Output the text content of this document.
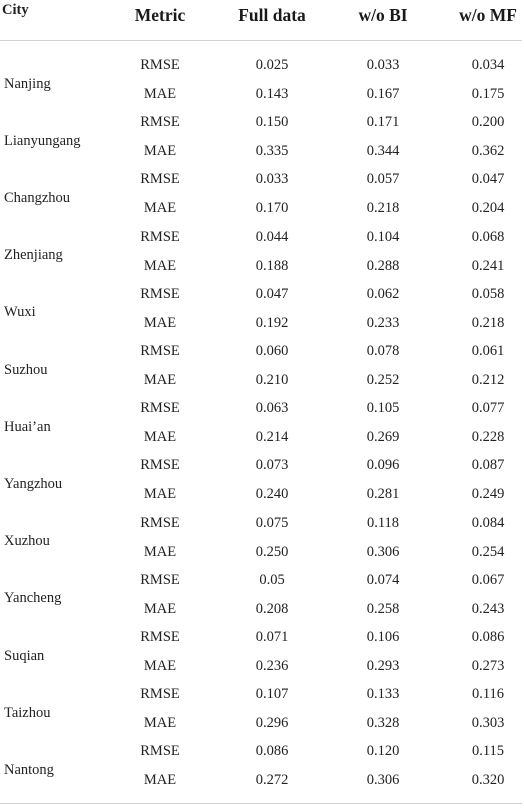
City	Metric	Full data	w/o BI	w/o MF
Nanjing
RMSE	0.025	0.033	0.034
MAE	0.143	0.167	0.175
Lianyungang
RMSE	0.150	0.171	0.200
MAE	0.335	0.344	0.362
Changzhou
RMSE	0.033	0.057	0.047
MAE	0.170	0.218	0.204
Zhenjiang
RMSE	0.044	0.104	0.068
MAE	0.188	0.288	0.241
Wuxi
RMSE	0.047	0.062	0.058
MAE	0.192	0.233	0.218
Suzhou
RMSE	0.060	0.078	0.061
MAE	0.210	0.252	0.212
Huai’an
RMSE	0.063	0.105	0.077
MAE	0.214	0.269	0.228
Yangzhou
RMSE	0.073	0.096	0.087
MAE	0.240	0.281	0.249
Xuzhou
RMSE	0.075	0.118	0.084
MAE	0.250	0.306	0.254
Yancheng
RMSE	0.05	0.074	0.067
MAE	0.208	0.258	0.243
Suqian
RMSE	0.071	0.106	0.086
MAE	0.236	0.293	0.273
Taizhou
RMSE	0.107	0.133	0.116
MAE	0.296	0.328	0.303
Nantong
RMSE	0.086	0.120	0.115
MAE	0.272	0.306	0.320
